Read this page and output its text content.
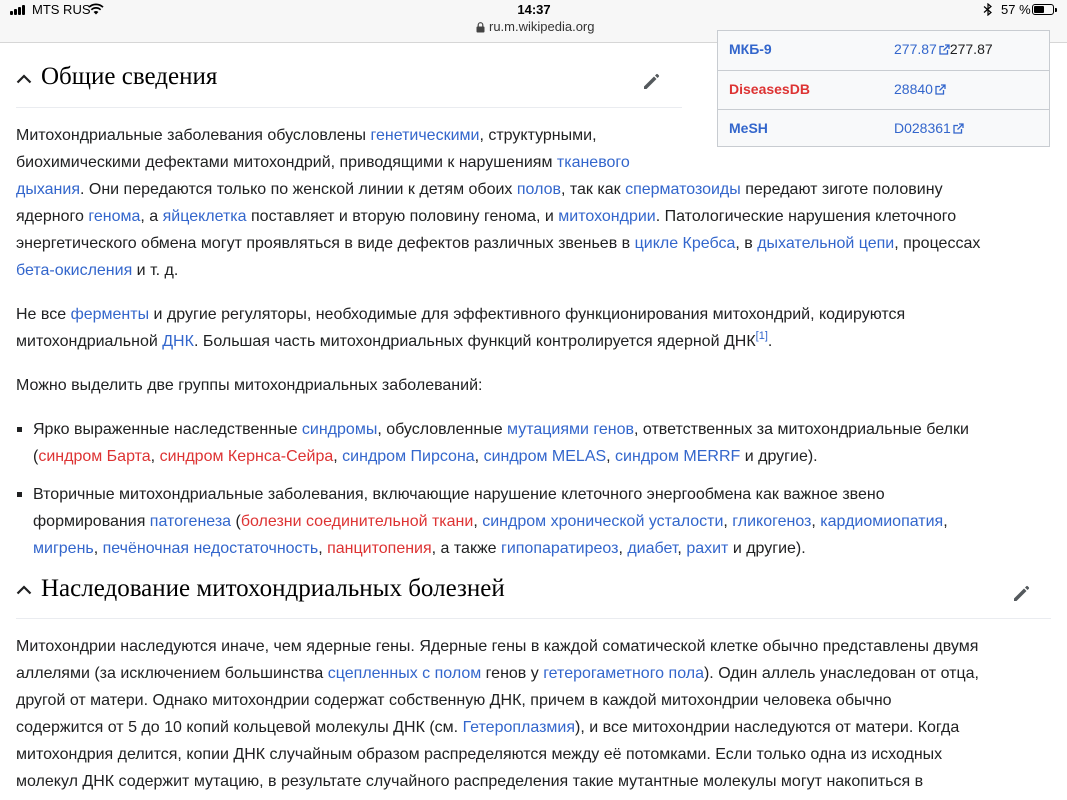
MTS RUS	14:37
ru.m.wikipedia.org
57 %
МКБ-9	277.87 277.87
DiseasesDB	28840
MeSH	D028361
Общие сведения
Митохондриальные заболевания обусловлены генетическими, структурными,
биохимическими дефектами митохондрий, приводящими к нарушениям тканевого
дыхания. Они передаются только по женской линии к детям обоих полов, так как сперматозоиды передают зиготе половину
ядерного генома, а яйцеклетка поставляет и вторую половину генома, и митохондрии. Патологические нарушения клеточного
энергетического обмена могут проявляться в виде дефектов различных звеньев в цикле Кребса, в дыхательной цепи, процессах
бета-окисления и т. д.
Не все ферменты и другие регуляторы, необходимые для эффективного функционирования митохондрий, кодируются
митохондриальной ДНК. Большая часть митохондриальных функций контролируется ядерной ДНК[1].
Можно выделить две группы митохондриальных заболеваний:
Ярко выраженные наследственные синдромы, обусловленные мутациями генов, ответственных за митохондриальные белки
(синдром Барта, синдром Кернса-Сейра, синдром Пирсона, синдром MELAS, синдром MERRF и другие).
Вторичные митохондриальные заболевания, включающие нарушение клеточного энергообмена как важное звено
формирования патогенеза (болезни соединительной ткани, синдром хронической усталости, гликогеноз, кардиомиопатия,
мигрень, печёночная недостаточность, панцитопения, а также гипопаратиреоз, диабет, рахит и другие).
Наследование митохондриальных болезней
Митохондрии наследуются иначе, чем ядерные гены. Ядерные гены в каждой соматической клетке обычно представлены двумя
аллелями (за исключением большинства сцепленных с полом генов у гетерогаметного пола). Один аллель унаследован от отца,
другой от матери. Однако митохондрии содержат собственную ДНК, причем в каждой митохондрии человека обычно
содержится от 5 до 10 копий кольцевой молекулы ДНК (см. Гетероплазмия), и все митохондрии наследуются от матери. Когда
митохондрия делится, копии ДНК случайным образом распределяются между её потомками. Если только одна из исходных
молекул ДНК содержит мутацию, в результате случайного распределения такие мутантные молекулы могут накопиться в
